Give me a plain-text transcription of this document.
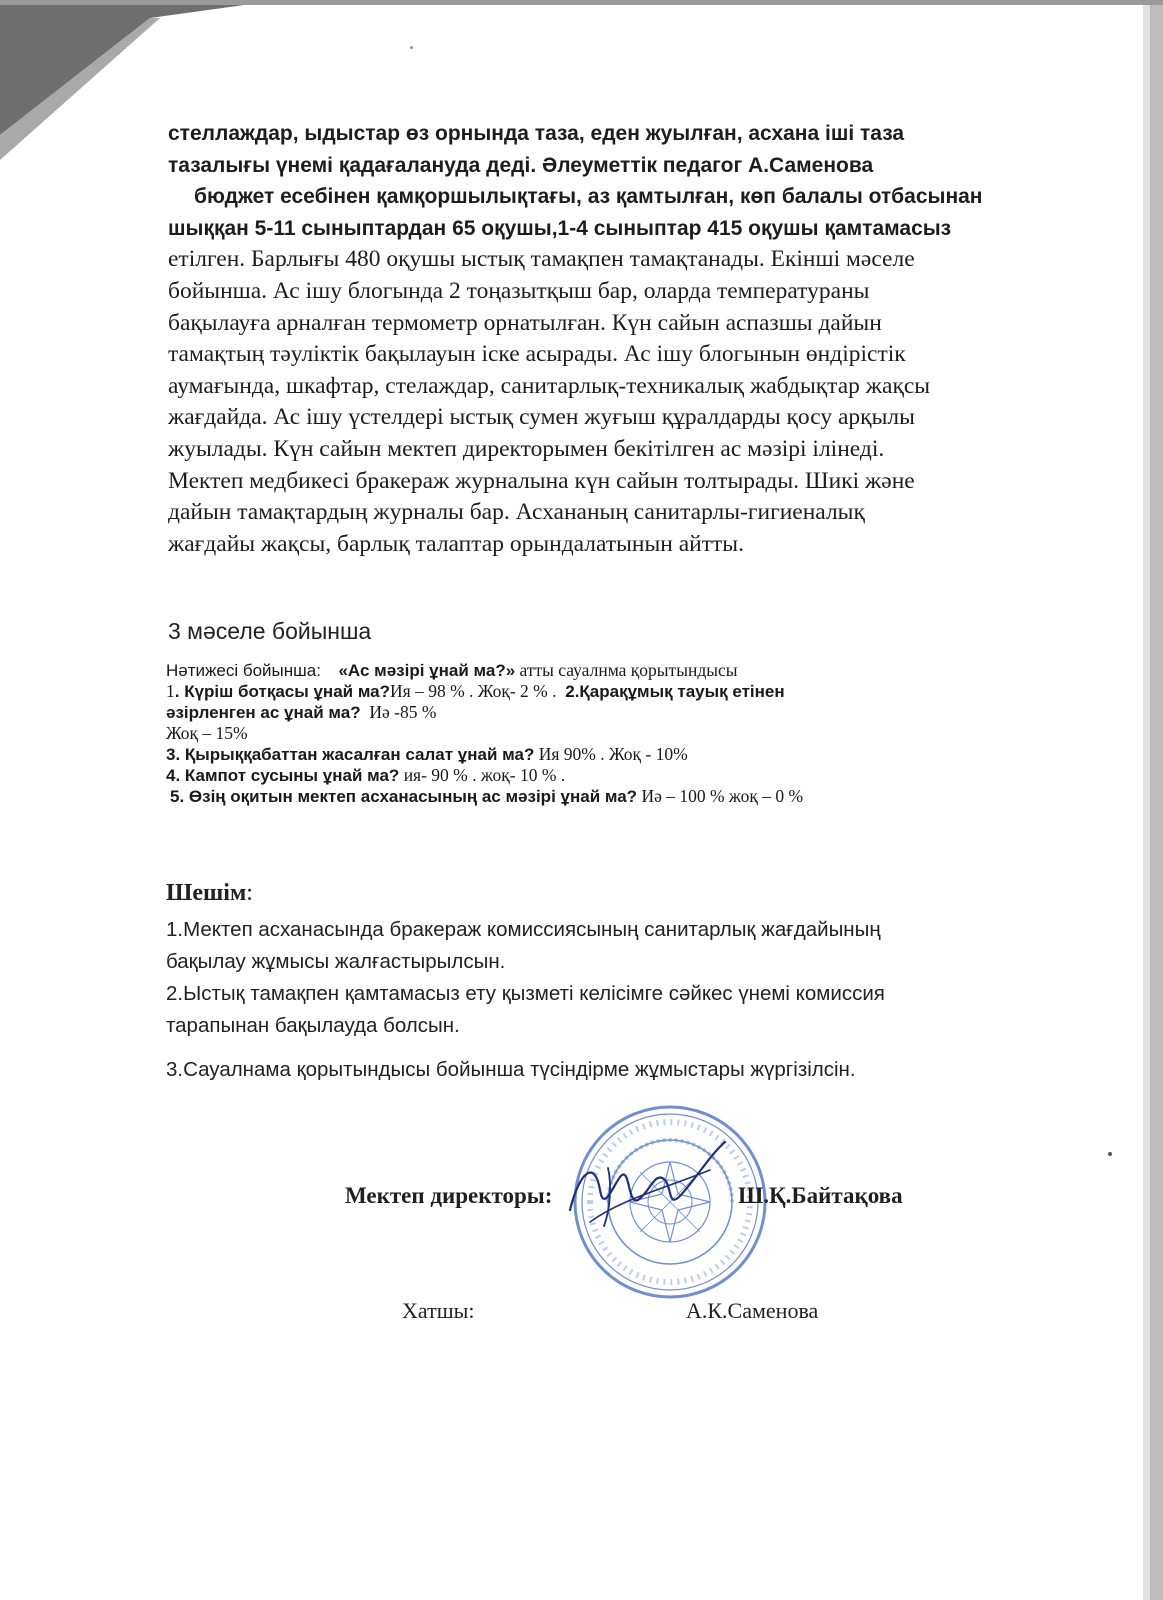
стеллаждар, ыдыстар өз орнында таза, еден жуылған, асхана іші таза
тазалығы үнемі қадағалануда деді. Әлеуметтік педагог А.Саменова
бюджет есебінен қамқоршылықтағы, аз қамтылған, көп балалы отбасынан
шыққан 5-11 сыныптардан 65 оқушы,1-4 сыныптар 415 оқушы қамтамасыз
етілген. Барлығы 480 оқушы ыстық тамақпен тамақтанады. Екінші мәселе
бойынша. Ас ішу блогында 2 тоңазытқыш бар, оларда температураны
бақылауға арналған термометр орнатылған. Күн сайын аспазшы дайын
тамақтың тәуліктік бақылауын іске асырады. Ас ішу блогынын өндірістік
аумағында, шкафтар, стелаждар, санитарлық-техникалық жабдықтар жақсы
жағдайда. Ас ішу үстелдері ыстық сумен жуғыш құралдарды қосу арқылы
жуылады. Күн сайын мектеп директорымен бекітілген ас мәзірі ілінеді.
Мектеп медбикесі бракераж журналына күн сайын толтырады. Шикі және
дайын тамақтардың журналы бар. Асхананың санитарлы-гигиеналық
жағдайы жақсы, барлық талаптар орындалатынын айтты.
3 мәселе бойынша
Нәтижесі бойынша: «Ас мәзірі ұнай ма?» атты сауалнма қорытындысы
1. Күріш ботқасы ұнай ма?Ия – 98 % . Жоқ- 2 % . 2.Қарақұмық тауық етінен
әзірленген ас ұнай ма? Иә -85 %
Жоқ – 15%
3. Қырыққабаттан жасалған салат ұнай ма? Ия 90% . Жоқ - 10%
4. Кампот сусыны ұнай ма? ия- 90 % . жоқ- 10 % .
5. Өзің оқитын мектеп асханасының ас мәзірі ұнай ма? Иә – 100 % жоқ – 0 %
Шешім:
1.Мектеп асханасында бракераж комиссиясының санитарлық жағдайының
бақылау жұмысы жалғастырылсын.
2.Ыстық тамақпен қамтамасыз ету қызметі келісімге сәйкес үнемі комиссия
тарапынан бақылауда болсын.
3.Сауалнама қорытындысы бойынша түсіндірме жұмыстары жүргізілсін.
Мектеп директоры:	Ш.Қ.Байтақова
Хатшы:	А.К.Саменова
